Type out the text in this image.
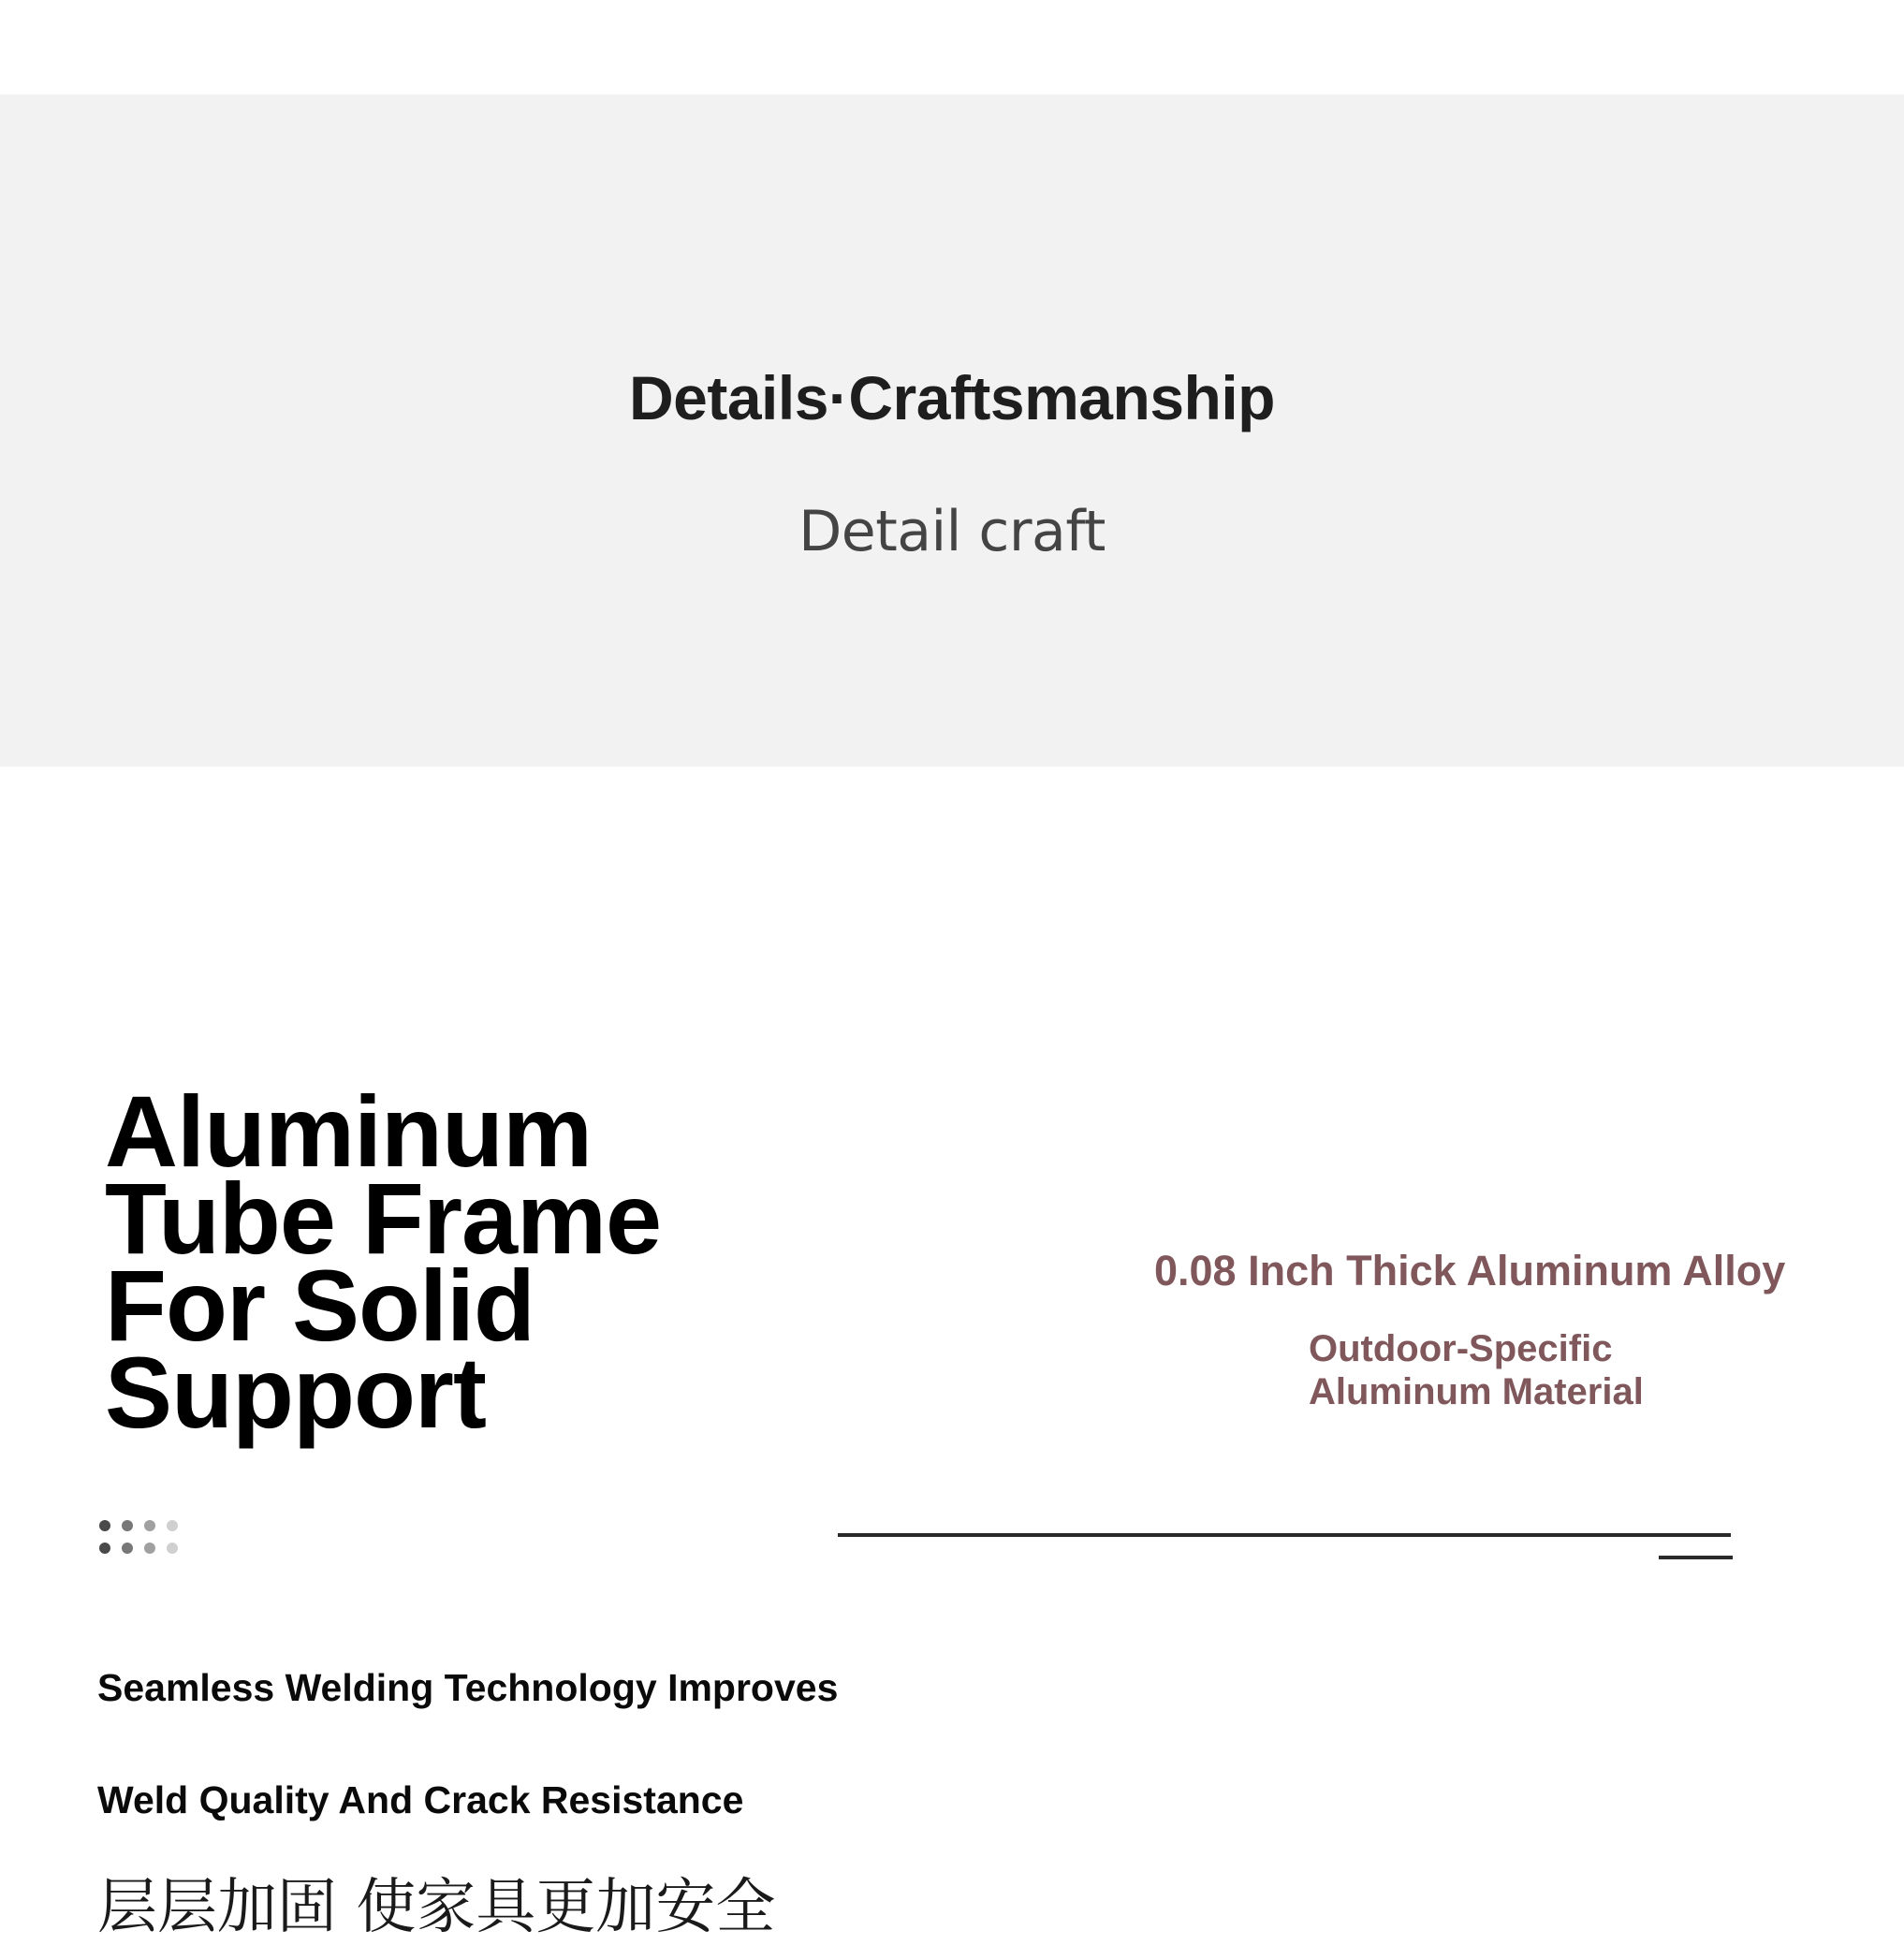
Details·Craftsmanship
Detail craft
Aluminum
Tube Frame
For Solid
Support
0.08 Inch Thick Aluminum Alloy
Outdoor-Specific
Aluminum Material
Seamless Welding Technology Improves
Weld Quality And Crack Resistance
层层加固 使家具更加安全
